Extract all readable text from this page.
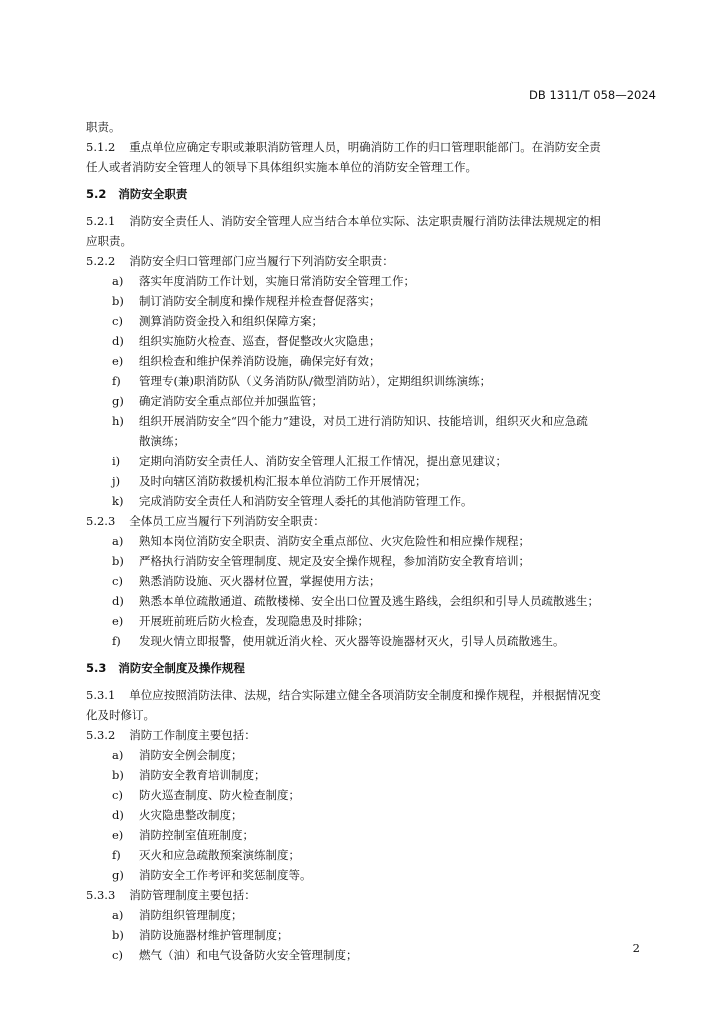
DB 1311/T 058—2024
职责。
5.1.2 重点单位应确定专职或兼职消防管理人员，明确消防工作的归口管理职能部门。在消防安全责
任人或者消防安全管理人的领导下具体组织实施本单位的消防安全管理工作。
5.2 消防安全职责
5.2.1 消防安全责任人、消防安全管理人应当结合本单位实际、法定职责履行消防法律法规规定的相
应职责。
5.2.2 消防安全归口管理部门应当履行下列消防安全职责：
a) 落实年度消防工作计划，实施日常消防安全管理工作；
b) 制订消防安全制度和操作规程并检查督促落实；
c) 测算消防资金投入和组织保障方案；
d) 组织实施防火检查、巡查，督促整改火灾隐患；
e) 组织检查和维护保养消防设施，确保完好有效；
f) 管理专(兼)职消防队（义务消防队/微型消防站），定期组织训练演练；
g) 确定消防安全重点部位并加强监管；
h) 组织开展消防安全“四个能力”建设，对员工进行消防知识、技能培训，组织灭火和应急疏
散演练；
i) 定期向消防安全责任人、消防安全管理人汇报工作情况，提出意见建议；
j) 及时向辖区消防救援机构汇报本单位消防工作开展情况；
k) 完成消防安全责任人和消防安全管理人委托的其他消防管理工作。
5.2.3 全体员工应当履行下列消防安全职责：
a) 熟知本岗位消防安全职责、消防安全重点部位、火灾危险性和相应操作规程；
b) 严格执行消防安全管理制度、规定及安全操作规程，参加消防安全教育培训；
c) 熟悉消防设施、灭火器材位置，掌握使用方法；
d) 熟悉本单位疏散通道、疏散楼梯、安全出口位置及逃生路线，会组织和引导人员疏散逃生；
e) 开展班前班后防火检查，发现隐患及时排除；
f) 发现火情立即报警，使用就近消火栓、灭火器等设施器材灭火，引导人员疏散逃生。
5.3 消防安全制度及操作规程
5.3.1 单位应按照消防法律、法规，结合实际建立健全各项消防安全制度和操作规程，并根据情况变
化及时修订。
5.3.2 消防工作制度主要包括：
a) 消防安全例会制度；
b) 消防安全教育培训制度；
c) 防火巡查制度、防火检查制度；
d) 火灾隐患整改制度；
e) 消防控制室值班制度；
f) 灭火和应急疏散预案演练制度；
g) 消防安全工作考评和奖惩制度等。
5.3.3 消防管理制度主要包括：
a) 消防组织管理制度；
b) 消防设施器材维护管理制度；
c) 燃气（油）和电气设备防火安全管理制度；	2
